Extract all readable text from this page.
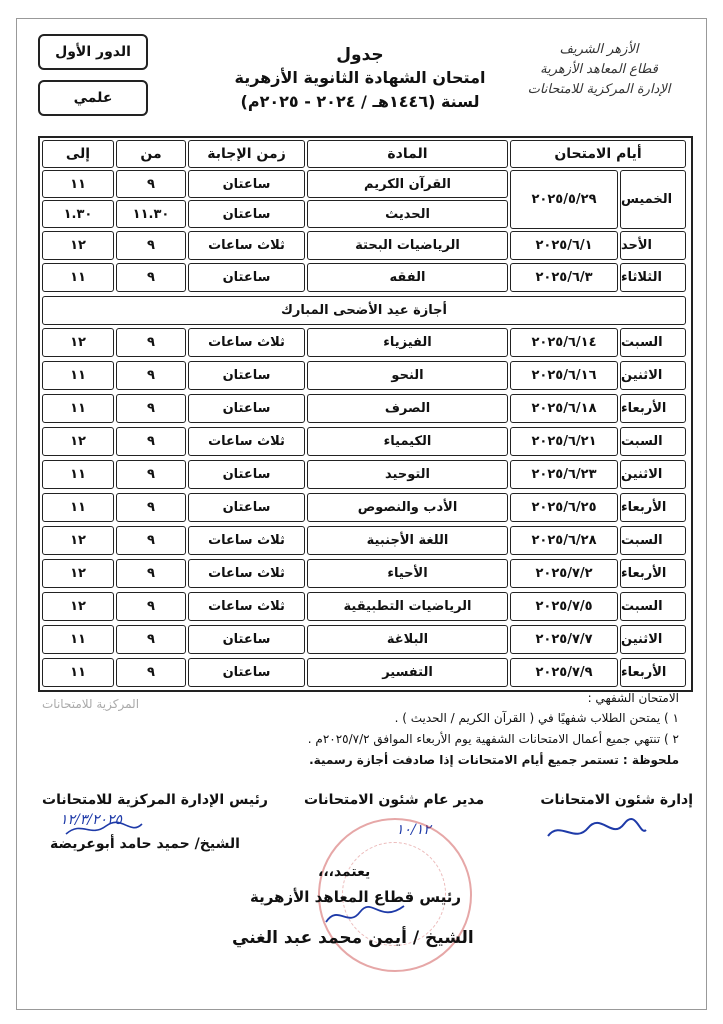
الدور الأول
علمي
جدول
امتحان الشهادة الثانوية الأزهرية
لسنة (١٤٤٦هـ / ٢٠٢٤ - ٢٠٢٥م)
الأزهر الشريف
قطاع المعاهد الأزهرية
الإدارة المركزية للامتحانات
أيام الامتحان
المادة
زمن الإجابة
من
إلى
الخميس
٢٠٢٥/٥/٢٩
القرآن الكريم
ساعتان
٩
١١
الحديث
ساعتان
١١.٣٠
١.٣٠
الأحد
٢٠٢٥/٦/١
الرياضيات البحتة
ثلاث ساعات
٩
١٢
الثلاثاء
٢٠٢٥/٦/٣
الفقه
ساعتان
٩
١١
أجازة عيد الأضحى المبارك
السبت
٢٠٢٥/٦/١٤
الفيزياء
ثلاث ساعات
٩
١٢
الاثنين
٢٠٢٥/٦/١٦
النحو
ساعتان
٩
١١
الأربعاء
٢٠٢٥/٦/١٨
الصرف
ساعتان
٩
١١
السبت
٢٠٢٥/٦/٢١
الكيمياء
ثلاث ساعات
٩
١٢
الاثنين
٢٠٢٥/٦/٢٣
التوحيد
ساعتان
٩
١١
الأربعاء
٢٠٢٥/٦/٢٥
الأدب والنصوص
ساعتان
٩
١١
السبت
٢٠٢٥/٦/٢٨
اللغة الأجنبية
ثلاث ساعات
٩
١٢
الأربعاء
٢٠٢٥/٧/٢
الأحياء
ثلاث ساعات
٩
١٢
السبت
٢٠٢٥/٧/٥
الرياضيات التطبيقية
ثلاث ساعات
٩
١٢
الاثنين
٢٠٢٥/٧/٧
البلاغة
ساعتان
٩
١١
الأربعاء
٢٠٢٥/٧/٩
التفسير
ساعتان
٩
١١
المركزية للامتحانات	الامتحان الشفهي :
١ ) يمتحن الطلاب شفهيًا في ( القرآن الكريم / الحديث ) .
٢ ) تنتهي جميع أعمال الامتحانات الشفهية يوم الأربعاء الموافق ٢٠٢٥/٧/٢م .
ملحوظة : تستمر جميع أيام الامتحانات إذا صادفت أجازة رسمية.
إدارة شئون الامتحانات
مدير عام شئون الامتحانات
رئيس الإدارة المركزية للامتحانات
١٢/٣/٢٠٢٥
١٠/١٢
الشيخ/ حميد حامد أبوعريضة
يعتمد،،،
رئيس قطاع المعاهد الأزهرية
الشيخ / أيمن محمد عبد الغني
